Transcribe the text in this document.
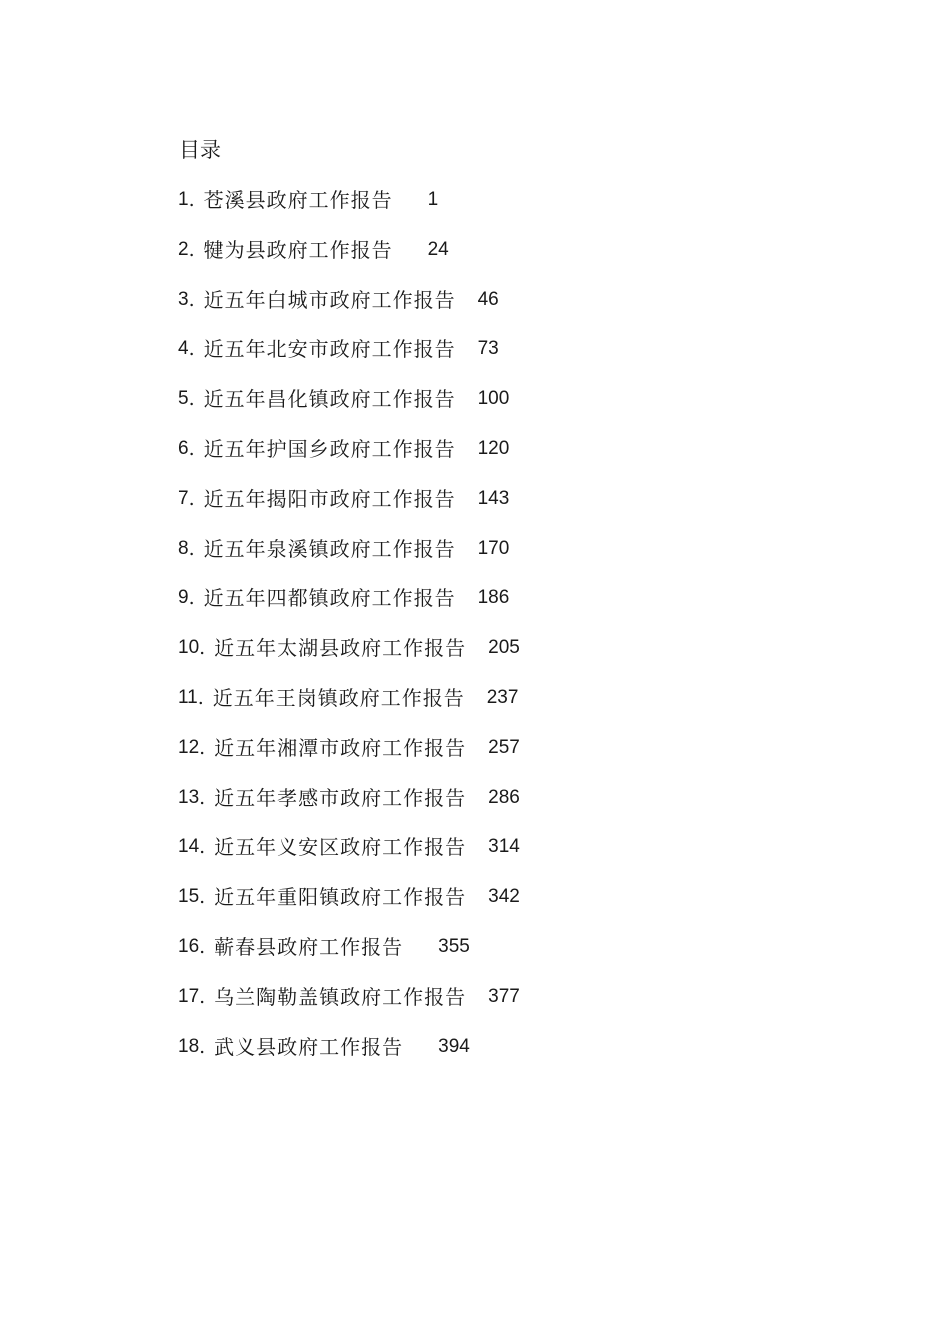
目录
1 . 苍溪县政府工作报告 1
2 . 犍为县政府工作报告 24
3 . 近五年白城市政府工作报告 46
4 . 近五年北安市政府工作报告 73
5 . 近五年昌化镇政府工作报告 100
6 . 近五年护国乡政府工作报告 120
7 . 近五年揭阳市政府工作报告 143
8 . 近五年泉溪镇政府工作报告 170
9 . 近五年四都镇政府工作报告 186
10 . 近五年太湖县政府工作报告 205
11 . 近五年王岗镇政府工作报告 237
12 . 近五年湘潭市政府工作报告 257
13 . 近五年孝感市政府工作报告 286
14 . 近五年义安区政府工作报告 314
15 . 近五年重阳镇政府工作报告 342
16 . 蕲春县政府工作报告 355
17 . 乌兰陶勒盖镇政府工作报告 377
18 . 武义县政府工作报告 394
